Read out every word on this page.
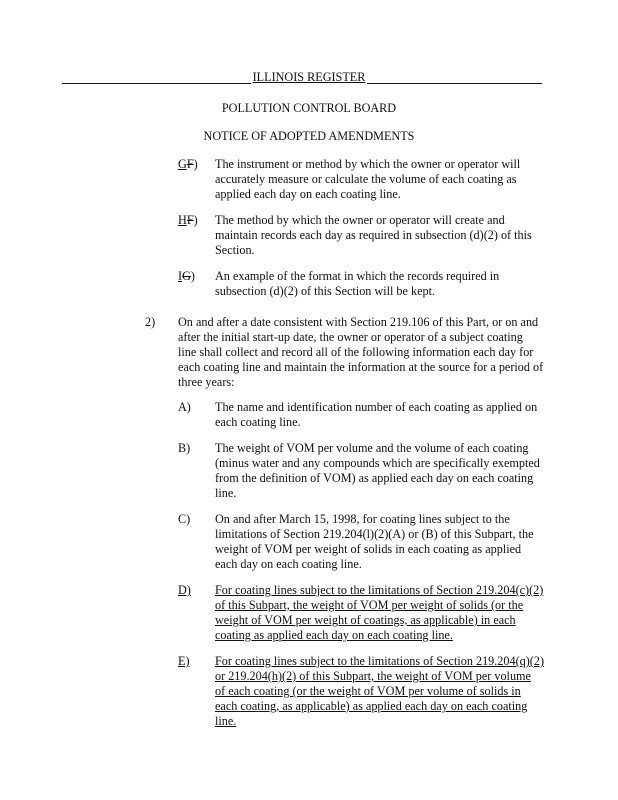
ILLINOIS REGISTER
POLLUTION CONTROL BOARD
NOTICE OF ADOPTED AMENDMENTS
GF) The instrument or method by which the owner or operator will
accurately measure or calculate the volume of each coating as
applied each day on each coating line.
HF) The method by which the owner or operator will create and
maintain records each day as required in subsection (d)(2) of this
Section.
IG) An example of the format in which the records required in
subsection (d)(2) of this Section will be kept.
2) On and after a date consistent with Section 219.106 of this Part, or on and
after the initial start-up date, the owner or operator of a subject coating
line shall collect and record all of the following information each day for
each coating line and maintain the information at the source for a period of
three years:
A) The name and identification number of each coating as applied on
each coating line.
B) The weight of VOM per volume and the volume of each coating
(minus water and any compounds which are specifically exempted
from the definition of VOM) as applied each day on each coating
line.
C) On and after March 15, 1998, for coating lines subject to the
limitations of Section 219.204(l)(2)(A) or (B) of this Subpart, the
weight of VOM per weight of solids in each coating as applied
each day on each coating line.
D) For coating lines subject to the limitations of Section 219.204(c)(2)
of this Subpart, the weight of VOM per weight of solids (or the
weight of VOM per weight of coatings, as applicable) in each
coating as applied each day on each coating line.
E) For coating lines subject to the limitations of Section 219.204(q)(2)
or 219.204(h)(2) of this Subpart, the weight of VOM per volume
of each coating (or the weight of VOM per volume of solids in
each coating, as applicable) as applied each day on each coating
line.
